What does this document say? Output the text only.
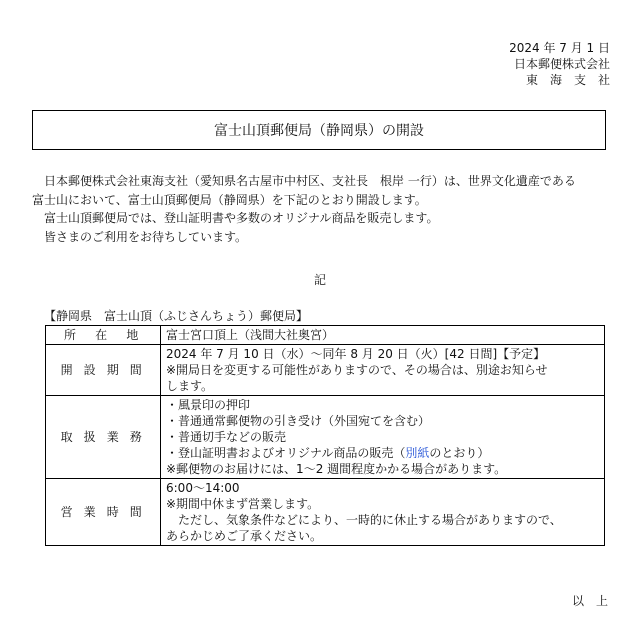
2024 年 7 月 1 日
日本郵便株式会社
東　海　支　社
富士山頂郵便局（静岡県）の開設

日本郵便株式会社東海支社（愛知県名古屋市中村区、支社長　根岸 一行）は、世界文化遺産である

富士山において、富士山頂郵便局（静岡県）を下記のとおり開設します。

富士山頂郵便局では、登山証明書や多数のオリジナル商品を販売します。

皆さまのご利用をお待ちしています。

記
【静岡県　富士山頂（ふじさんちょう）郵便局】
所　在　地	富士宮口頂上（浅間大社奥宮）
開 設 期 間	2024 年 7 月 10 日（水）～同年 8 月 20 日（火）[42 日間]【予定】
※開局日を変更する可能性がありますので、その場合は、別途お知らせ
します。

取 扱 業 務	・風景印の押印
・普通通常郵便物の引き受け（外国宛てを含む）
・普通切手などの販売
・登山証明書およびオリジナル商品の販売（別紙のとおり）
※郵便物のお届けには、1～2 週間程度かかる場合があります。

営 業 時 間	6:00～14:00
※期間中休まず営業します。
　ただし、気象条件などにより、一時的に休止する場合がありますので、
あらかじめご了承ください。
以　上
